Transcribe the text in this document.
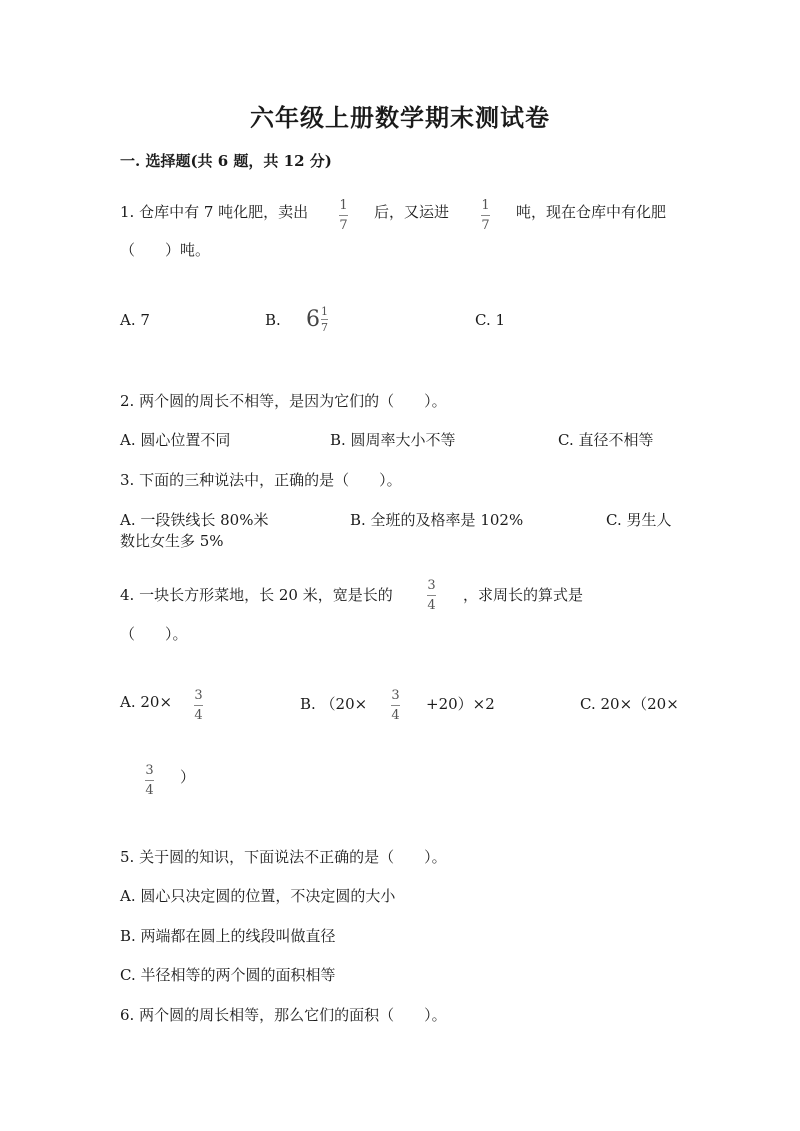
六年级上册数学期末测试卷
一. 选择题(共 6 题，共 12 分)
1. 仓库中有 7 吨化肥，卖出 1
7
后，又运进 1
7
吨，现在仓库中有化肥
（　　）吨。
A. 7	B. $6 \frac{1}{7}$	C. 1
2. 两个圆的周长不相等，是因为它们的（　　）。
A. 圆心位置不同	B. 圆周率大小不等	C. 直径不相等
3. 下面的三种说法中，正确的是（　　）。
A. 一段铁线长 80%米	B. 全班的及格率是 102%	C. 男生人
数比女生多 5%
4. 一块长方形菜地，长 20 米，宽是长的
3
4
，求周长的算式是
（　　）。
A. 20× 3
4
B. （20× 3
4
+20）×2	C. 20×（20×
3
4
）
5. 关于圆的知识，下面说法不正确的是（　　）。
A. 圆心只决定圆的位置，不决定圆的大小
B. 两端都在圆上的线段叫做直径
C. 半径相等的两个圆的面积相等
6. 两个圆的周长相等，那么它们的面积（　　）。
